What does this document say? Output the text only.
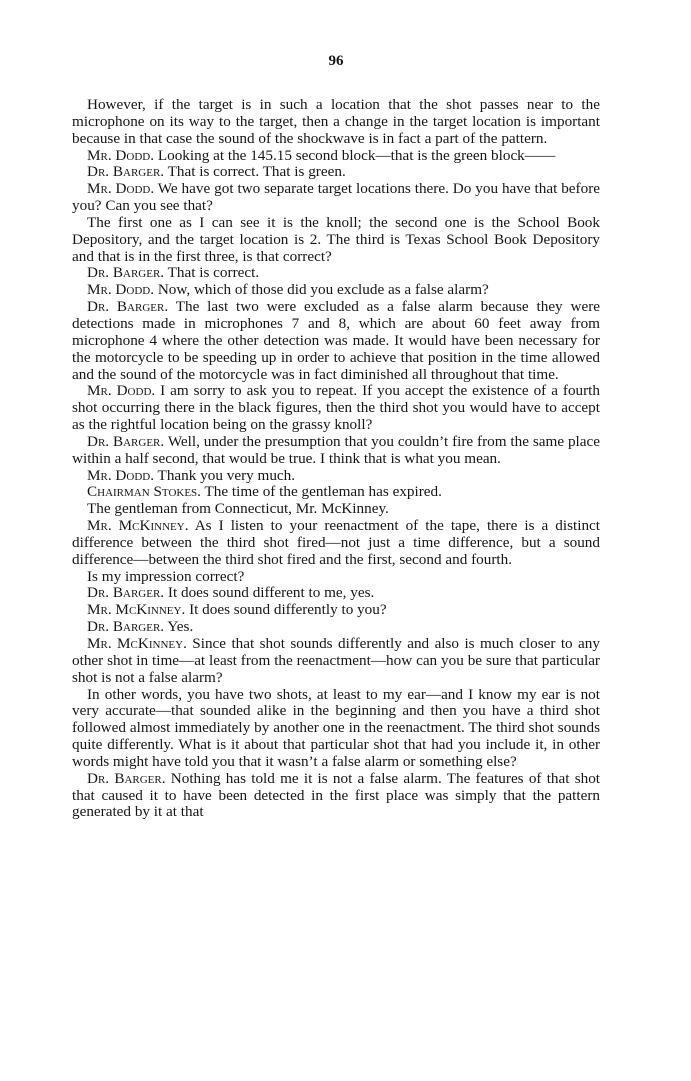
96

However, if the target is in such a location that the shot passes near to the microphone on its way to the target, then a change in the target location is important because in that case the sound of the shockwave is in fact a part of the pattern.

Mr. Dodd. Looking at the 145.15 second block—that is the green block——

Dr. Barger. That is correct. That is green.

Mr. Dodd. We have got two separate target locations there. Do you have that before you? Can you see that?

The first one as I can see it is the knoll; the second one is the School Book Depository, and the target location is 2. The third is Texas School Book Depository and that is in the first three, is that correct?

Dr. Barger. That is correct.

Mr. Dodd. Now, which of those did you exclude as a false alarm?

Dr. Barger. The last two were excluded as a false alarm because they were detections made in microphones 7 and 8, which are about 60 feet away from microphone 4 where the other detection was made. It would have been necessary for the motorcycle to be speeding up in order to achieve that position in the time allowed and the sound of the motorcycle was in fact diminished all throughout that time.

Mr. Dodd. I am sorry to ask you to repeat. If you accept the existence of a fourth shot occurring there in the black figures, then the third shot you would have to accept as the rightful location being on the grassy knoll?

Dr. Barger. Well, under the presumption that you couldn’t fire from the same place within a half second, that would be true. I think that is what you mean.

Mr. Dodd. Thank you very much.

Chairman Stokes. The time of the gentleman has expired.

The gentleman from Connecticut, Mr. McKinney.

Mr. McKinney. As I listen to your reenactment of the tape, there is a distinct difference between the third shot fired—not just a time difference, but a sound difference—between the third shot fired and the first, second and fourth.

Is my impression correct?

Dr. Barger. It does sound different to me, yes.

Mr. McKinney. It does sound differently to you?

Dr. Barger. Yes.

Mr. McKinney. Since that shot sounds differently and also is much closer to any other shot in time—at least from the reenactment—how can you be sure that particular shot is not a false alarm?

In other words, you have two shots, at least to my ear—and I know my ear is not very accurate—that sounded alike in the beginning and then you have a third shot followed almost immediately by another one in the reenactment. The third shot sounds quite differently. What is it about that particular shot that had you include it, in other words might have told you that it wasn’t a false alarm or something else?

Dr. Barger. Nothing has told me it is not a false alarm. The features of that shot that caused it to have been detected in the first place was simply that the pattern generated by it at that
